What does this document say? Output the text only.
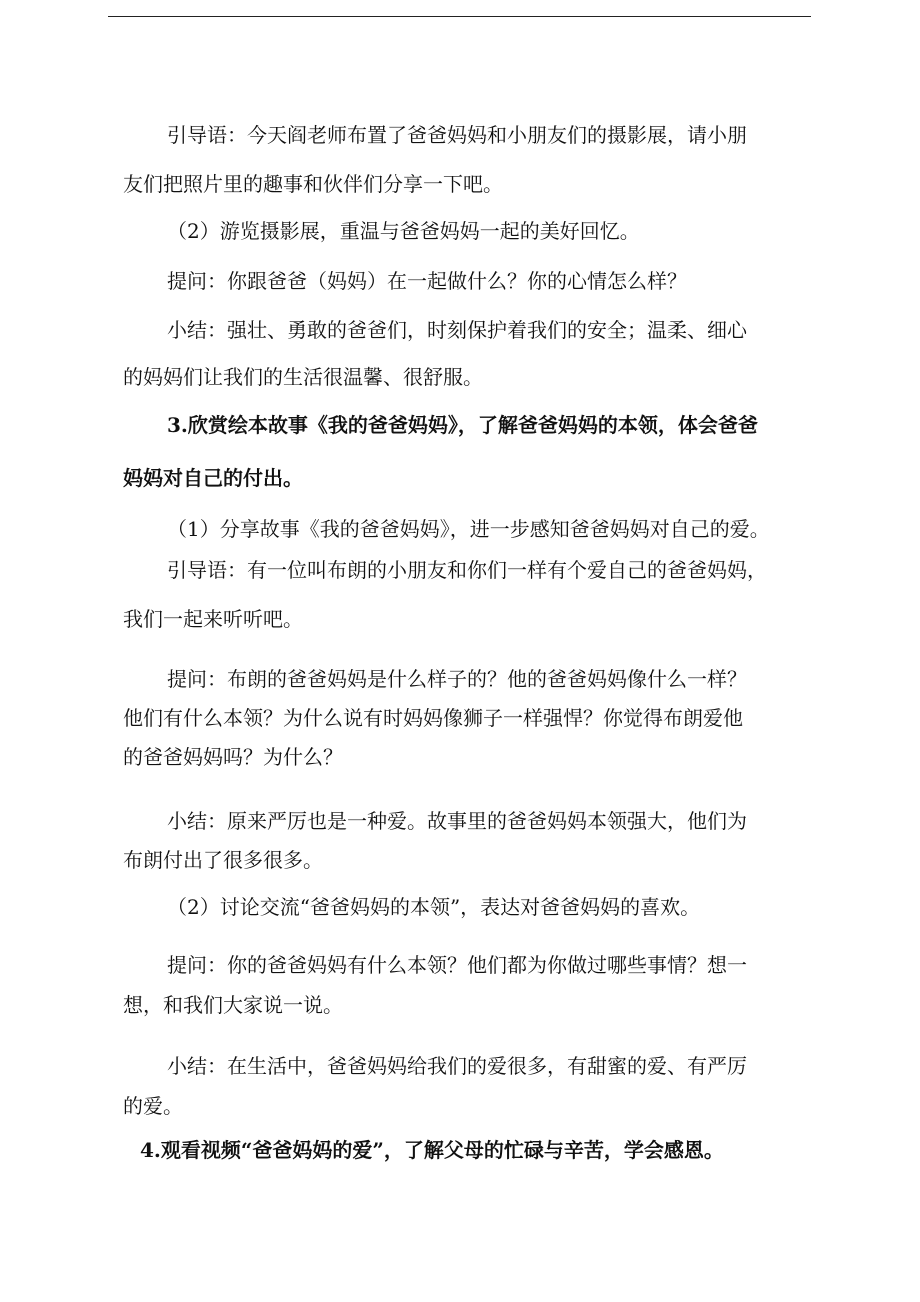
引导语：今天阎老师布置了爸爸妈妈和小朋友们的摄影展，请小朋
友们把照片里的趣事和伙伴们分享一下吧。
（2）游览摄影展，重温与爸爸妈妈一起的美好回忆。
提问：你跟爸爸（妈妈）在一起做什么？你的心情怎么样？
小结：强壮、勇敢的爸爸们，时刻保护着我们的安全；温柔、细心
的妈妈们让我们的生活很温馨、很舒服。
3.欣赏绘本故事《我的爸爸妈妈》，了解爸爸妈妈的本领，体会爸爸
妈妈对自己的付出。
（1）分享故事《我的爸爸妈妈》，进一步感知爸爸妈妈对自己的爱。
引导语：有一位叫布朗的小朋友和你们一样有个爱自己的爸爸妈妈，
我们一起来听听吧。
提问：布朗的爸爸妈妈是什么样子的？他的爸爸妈妈像什么一样？
他们有什么本领？为什么说有时妈妈像狮子一样强悍？你觉得布朗爱他
的爸爸妈妈吗？为什么？
小结：原来严厉也是一种爱。故事里的爸爸妈妈本领强大，他们为
布朗付出了很多很多。
（2）讨论交流“爸爸妈妈的本领”，表达对爸爸妈妈的喜欢。
提问：你的爸爸妈妈有什么本领？他们都为你做过哪些事情？想一
想，和我们大家说一说。
小结：在生活中，爸爸妈妈给我们的爱很多，有甜蜜的爱、有严厉
的爱。
4.观看视频“爸爸妈妈的爱”，了解父母的忙碌与辛苦，学会感恩。
